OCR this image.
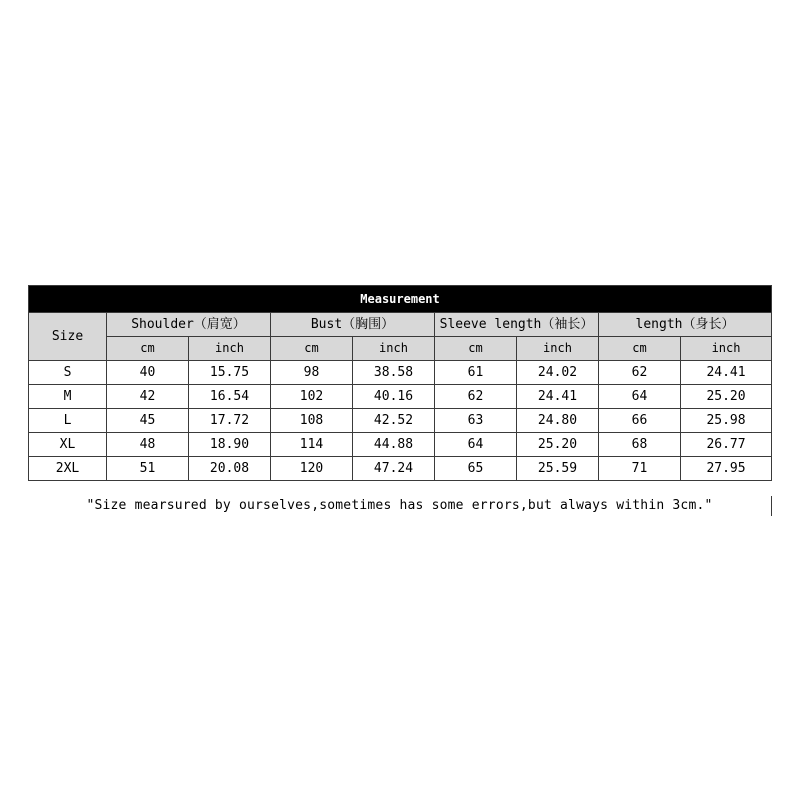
Measurement								
Size	Shoulder（肩宽）		Bust（胸围）		Sleeve length（袖长）		length（身长）	
	cm	inch	cm	inch	cm	inch	cm	inch
S	40	15.75	98	38.58	61	24.02	62	24.41
M	42	16.54	102	40.16	62	24.41	64	25.20
L	45	17.72	108	42.52	63	24.80	66	25.98
XL	48	18.90	114	44.88	64	25.20	68	26.77
2XL	51	20.08	120	47.24	65	25.59	71	27.95
"Size mearsured by ourselves,sometimes has some errors,but always within 3cm."
